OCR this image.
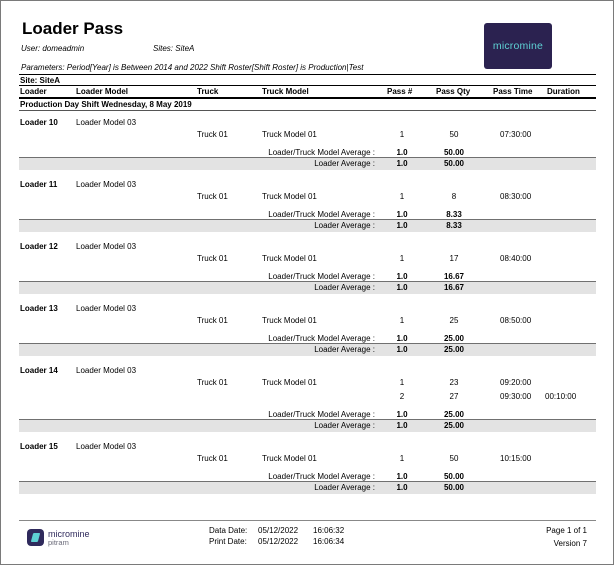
Loader Pass
User: domeadmin	Sites: SiteA	micromine
Parameters: Period[Year] is Between 2014 and 2022 Shift Roster[Shift Roster] is Production|Test
Loader	Loader Model	Truck	Truck Model	Pass #	Pass Qty	Pass Time Duration
Site: SiteA
micromine
pitram
Data Date: 05/12/2022 16:06:32
Print Date: 05/12/2022 16:06:34
Page 1 of 1
Version 7
Production Day Shift Wednesday, 8 May 2019
Loader 10 Loader Model 03
Truck 01	Truck Model 01	1	50	07:30:00
Loader/Truck Model Average :	1.0	50.00
Loader Average :	1.0	50.00
Loader 11 Loader Model 03
Truck 01	Truck Model 01	1	8	08:30:00
Loader/Truck Model Average :	1.0	8.33
Loader Average :	1.0	8.33
Loader 12 Loader Model 03
Truck 01	Truck Model 01	1	17	08:40:00
Loader/Truck Model Average :	1.0	16.67
Loader Average :	1.0	16.67
Loader 13 Loader Model 03
Truck 01	Truck Model 01	1	25	08:50:00
Loader/Truck Model Average :	1.0	25.00
Loader Average :	1.0	25.00
Loader 14 Loader Model 03
Truck 01	Truck Model 01	1	23	09:20:00
2	27	09:30:00 00:10:00
Loader/Truck Model Average :	1.0	25.00
Loader Average :	1.0	25.00
Loader 15 Loader Model 03
Truck 01	Truck Model 01	1	50	10:15:00
Loader/Truck Model Average :	1.0	50.00
Loader Average :	1.0	50.00
